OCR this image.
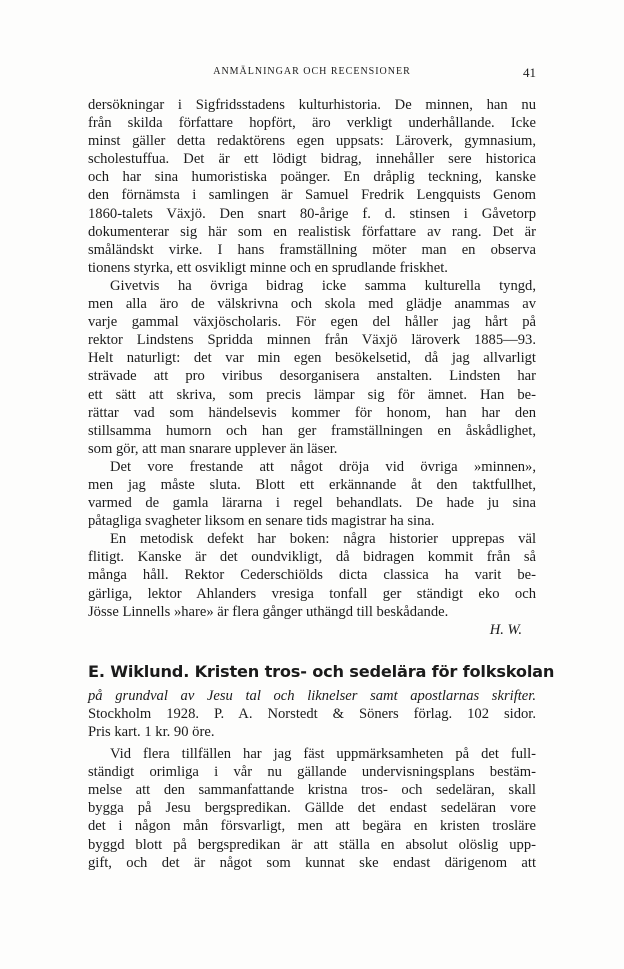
ANMÄLNINGAR OCH RECENSIONER	41
dersökningar i Sigfridsstadens kulturhistoria. De minnen, han nu
från skilda författare hopfört, äro verkligt underhållande. Icke
minst gäller detta redaktörens egen uppsats: Läroverk, gymnasium,
scholestuffua. Det är ett lödigt bidrag, innehåller sere historica
och har sina humoristiska poänger. En dråplig teckning, kanske
den förnämsta i samlingen är Samuel Fredrik Lengquists Genom
1860-talets Växjö. Den snart 80-årige f. d. stinsen i Gåvetorp
dokumenterar sig här som en realistisk författare av rang. Det är
småländskt virke. I hans framställning möter man en observa
tionens styrka, ett osvikligt minne och en sprudlande friskhet.
Givetvis ha övriga bidrag icke samma kulturella tyngd,
men alla äro de välskrivna och skola med glädje anammas av
varje gammal växjöscholaris. För egen del håller jag hårt på
rektor Lindstens Spridda minnen från Växjö läroverk 1885—93.
Helt naturligt: det var min egen besökelsetid, då jag allvarligt
strävade att pro viribus desorganisera anstalten. Lindsten har
ett sätt att skriva, som precis lämpar sig för ämnet. Han be-
rättar vad som händelsevis kommer för honom, han har den
stillsamma humorn och han ger framställningen en åskådlighet,
som gör, att man snarare upplever än läser.
Det vore frestande att något dröja vid övriga »minnen»,
men jag måste sluta. Blott ett erkännande åt den taktfullhet,
varmed de gamla lärarna i regel behandlats. De hade ju sina
påtagliga svagheter liksom en senare tids magistrar ha sina.
En metodisk defekt har boken: några historier upprepas väl
flitigt. Kanske är det oundvikligt, då bidragen kommit från så
många håll. Rektor Cederschiölds dicta classica ha varit be-
gärliga, lektor Ahlanders vresiga tonfall ger ständigt eko och
Jösse Linnells »hare» är flera gånger uthängd till beskådande.
H. W.
E. Wiklund. Kristen tros- och sedelära för folkskolan
på grundval av Jesu tal och liknelser samt apostlarnas skrifter.
Stockholm 1928. P. A. Norstedt & Söners förlag. 102 sidor.
Pris kart. 1 kr. 90 öre.
Vid flera tillfällen har jag fäst uppmärksamheten på det full-
ständigt orimliga i vår nu gällande undervisningsplans bestäm-
melse att den sammanfattande kristna tros- och sedeläran, skall
bygga på Jesu bergspredikan. Gällde det endast sedeläran vore
det i någon mån försvarligt, men att begära en kristen trosläre
byggd blott på bergspredikan är att ställa en absolut olöslig upp-
gift, och det är något som kunnat ske endast därigenom att
